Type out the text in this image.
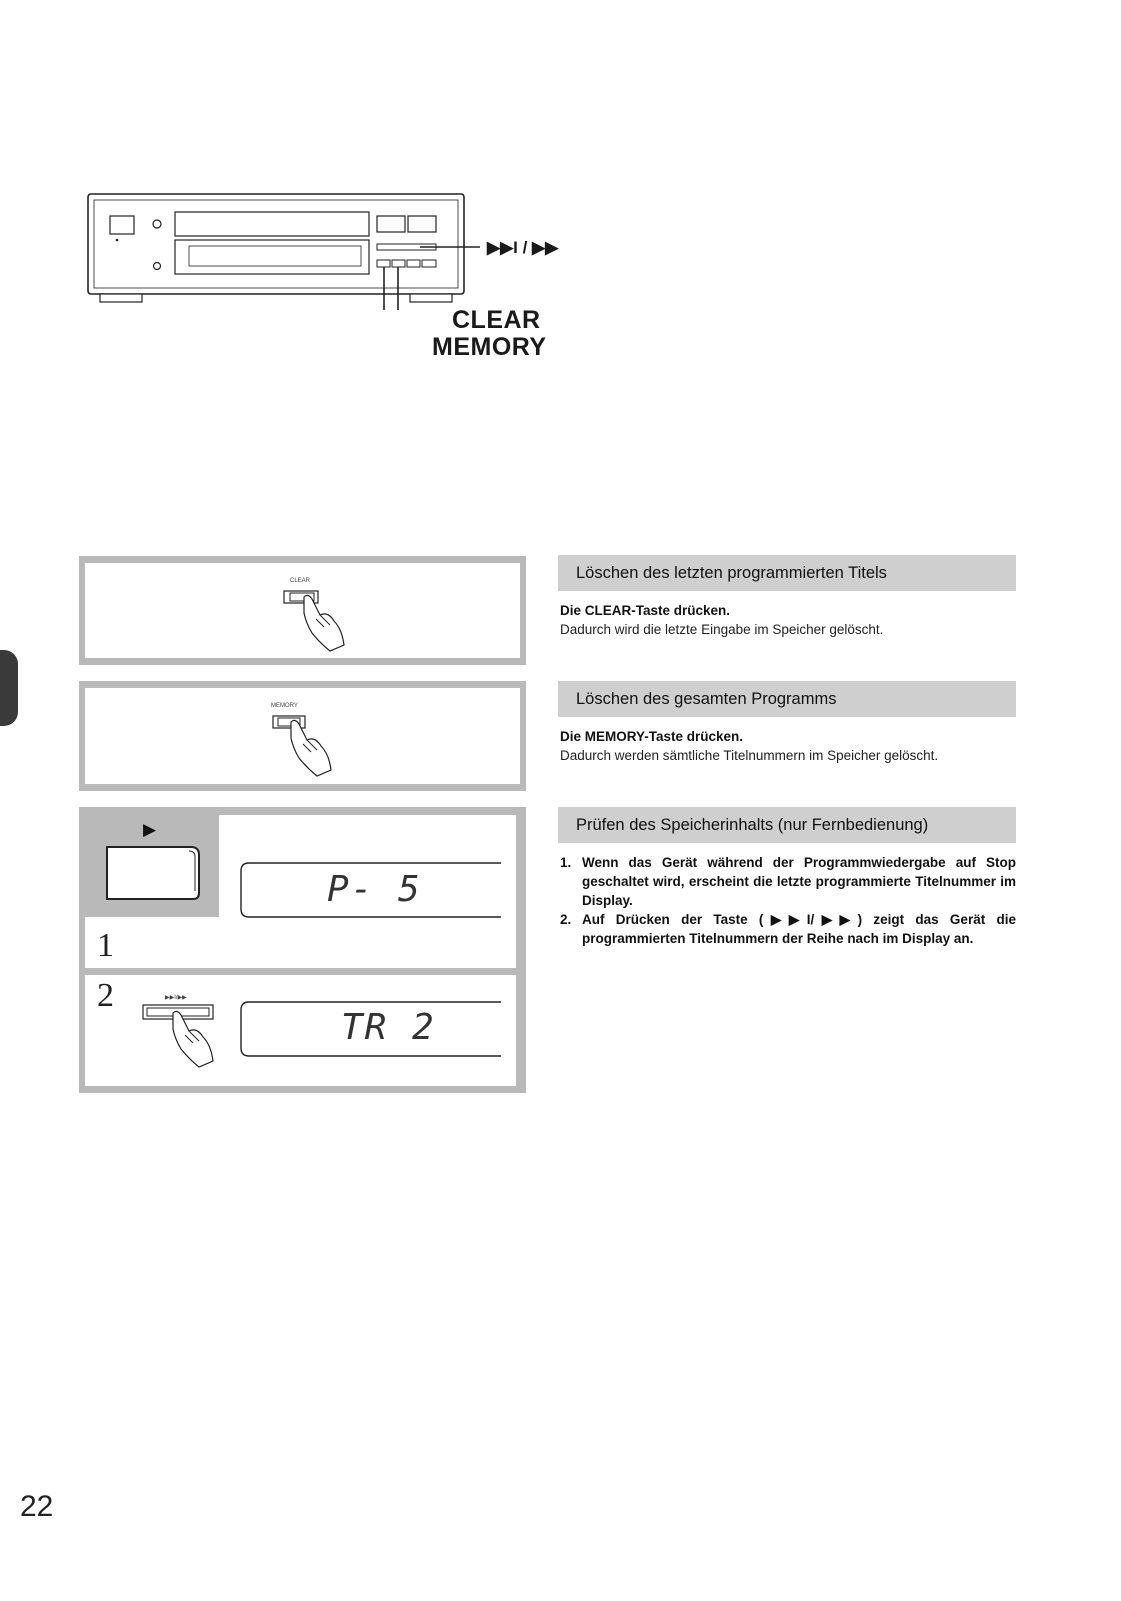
▶▶I / ▶▶
CLEAR
MEMORY
CLEAR
MEMORY
▶
P- 5
1
2	▶▶I/▶▶
TR 2
Löschen des letzten programmierten Titels
Die CLEAR-Taste drücken.
Dadurch wird die letzte Eingabe im Speicher gelöscht.
Löschen des gesamten Programms
Die MEMORY-Taste drücken.
Dadurch werden sämtliche Titelnummern im Speicher gelöscht.
Prüfen des Speicherinhalts (nur Fernbedienung)
1. Wenn das Gerät während der Programmwiedergabe auf Stop geschaltet wird, erscheint die letzte programmierte Titelnummer im Display.
2. Auf Drücken der Taste (▶▶I/▶▶) zeigt das Gerät die programmierten Titelnummern der Reihe nach im Display an.
22
